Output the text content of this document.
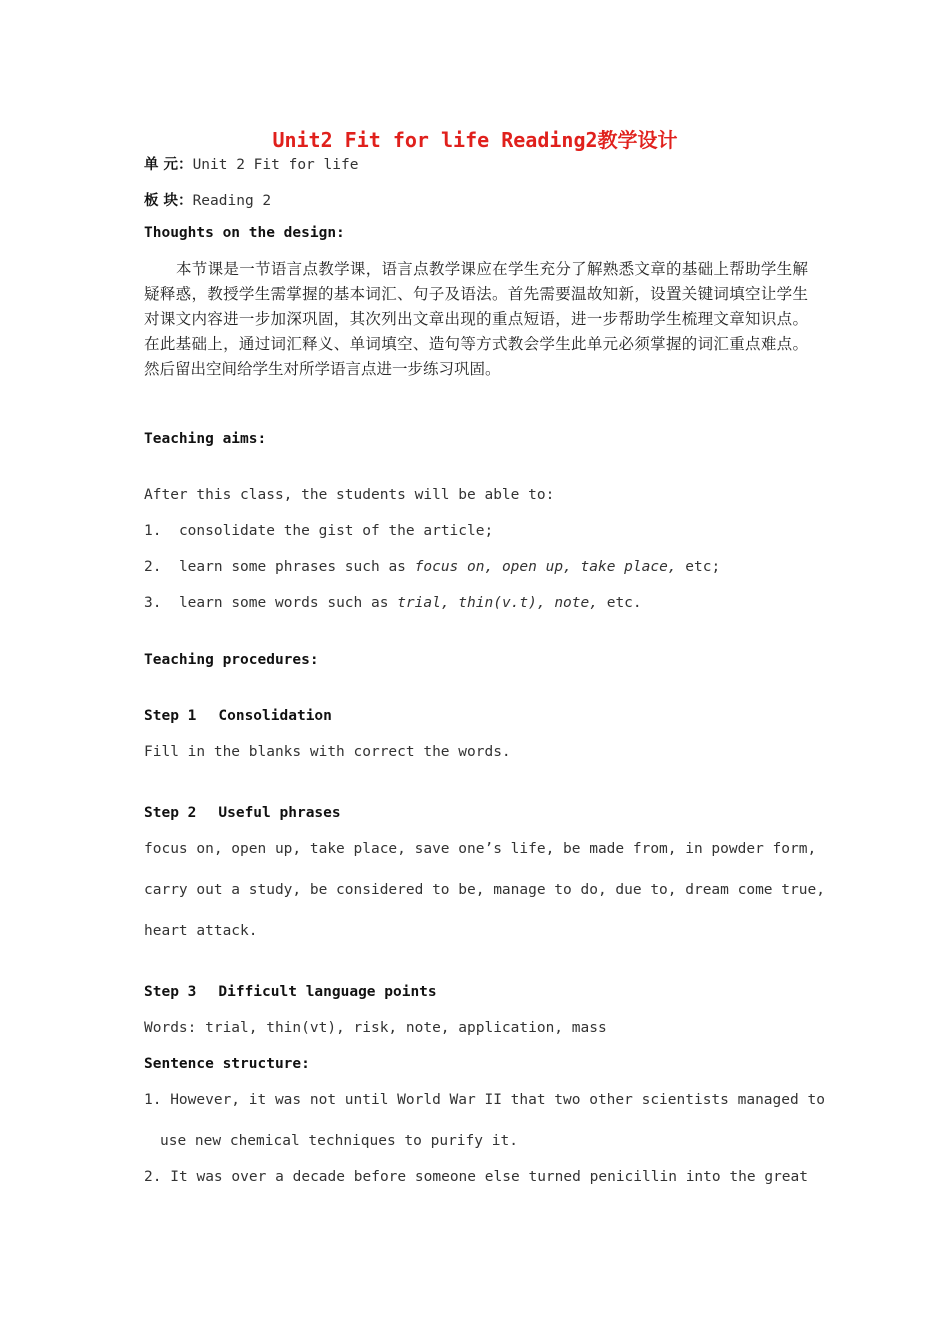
Unit2 Fit for life Reading2教学设计
单 元：Unit 2 Fit for life
板 块：Reading 2
Thoughts on the design:
本节课是一节语言点教学课，语言点教学课应在学生充分了解熟悉文章的基础上帮助学生解疑释惑，教授学生需掌握的基本词汇、句子及语法。首先需要温故知新，设置关键词填空让学生对课文内容进一步加深巩固，其次列出文章出现的重点短语，进一步帮助学生梳理文章知识点。在此基础上，通过词汇释义、单词填空、造句等方式教会学生此单元必须掌握的词汇重点难点。然后留出空间给学生对所学语言点进一步练习巩固。
Teaching aims:
After this class, the students will be able to:
1. consolidate the gist of the article;
2. learn some phrases such as focus on, open up, take place, etc;
3. learn some words such as trial, thin(v.t), note, etc.
Teaching procedures:
Step 1 Consolidation
Fill in the blanks with correct the words.
Step 2 Useful phrases
focus on, open up, take place, save one’s life, be made from, in powder form,
carry out a study, be considered to be, manage to do, due to, dream come true,
heart attack.
Step 3 Difficult language points
Words: trial, thin(vt), risk, note, application, mass
Sentence structure:
1. However, it was not until World War II that two other scientists managed to
use new chemical techniques to purify it.
2. It was over a decade before someone else turned penicillin into the great
